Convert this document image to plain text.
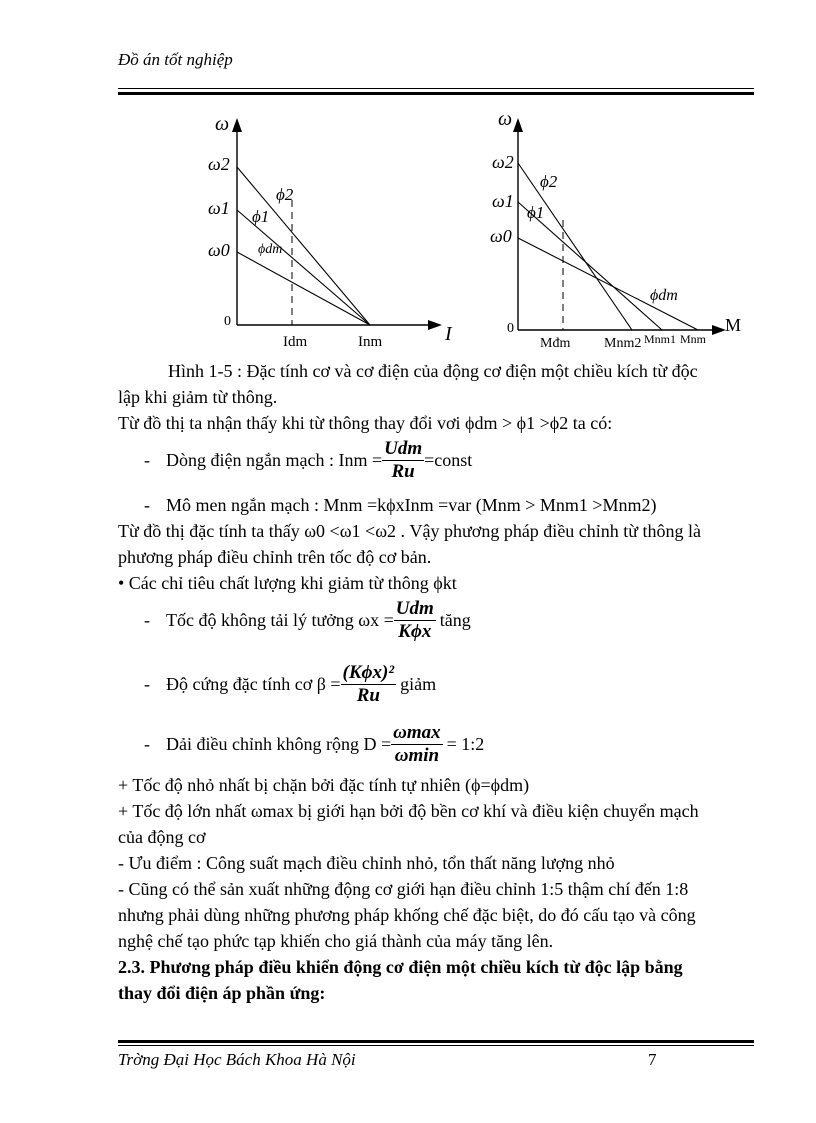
Đồ án tốt nghiệp
ω
I
ω2
ω1
ω0
0
ϕ2
ϕ1
ϕdm
Idm	Inm
ω
M
ω2
ω1
ω0
0
ϕ2
ϕ1
ϕdm
Mđm Mnm2 Mnm1 Mnm
Hình 1-5 : Đặc tính cơ và cơ điện của động cơ điện một chiều kích từ độc
lập khi giảm từ thông.
Từ đồ thị ta nhận thấy khi từ thông thay đổi vơi ϕdm > ϕ1 >ϕ2 ta có:
- Dòng điện ngắn mạch : Inm = $\frac{\text{Udm}}{Ru}$ =const
- Mô men ngắn mạch : Mnm =kϕxInm =var (Mnm > Mnm1 >Mnm2)
Từ đồ thị đặc tính ta thấy ω0 <ω1 <ω2 . Vậy phương pháp điều chỉnh từ thông là
phương pháp điều chỉnh trên tốc độ cơ bản.
• Các chỉ tiêu chất lượng khi giảm từ thông ϕkt
- Tốc độ không tải lý tưởng $\omega x = \frac{\text{Udm}}{\text{Kϕx}}$ tăng
- Độ cứng đặc tính cơ $\beta = \frac{\text{(Kϕx)²}}{Ru}$ giảm
- Dải điều chỉnh không rộng $D = \frac{\omega\max}{\omega\min}$ = 1:2
+ Tốc độ nhỏ nhất bị chặn bởi đặc tính tự nhiên (ϕ=ϕdm)
+ Tốc độ lớn nhất ωmax bị giới hạn bởi độ bền cơ khí và điều kiện chuyển mạch
của động cơ
- Ưu điểm : Công suất mạch điều chỉnh nhỏ, tổn thất năng lượng nhỏ
- Cũng có thể sản xuất những động cơ giới hạn điều chỉnh 1:5 thậm chí đến 1:8
nhưng phải dùng những phương pháp khống chế đặc biệt, do đó cấu tạo và công
nghệ chế tạo phức tạp khiến cho giá thành của máy tăng lên.
2.3. Phương pháp điều khiển động cơ điện một chiều kích từ độc lập bằng
thay đổi điện áp phần ứng:
Trờng Đại Học Bách Khoa Hà Nội	7
